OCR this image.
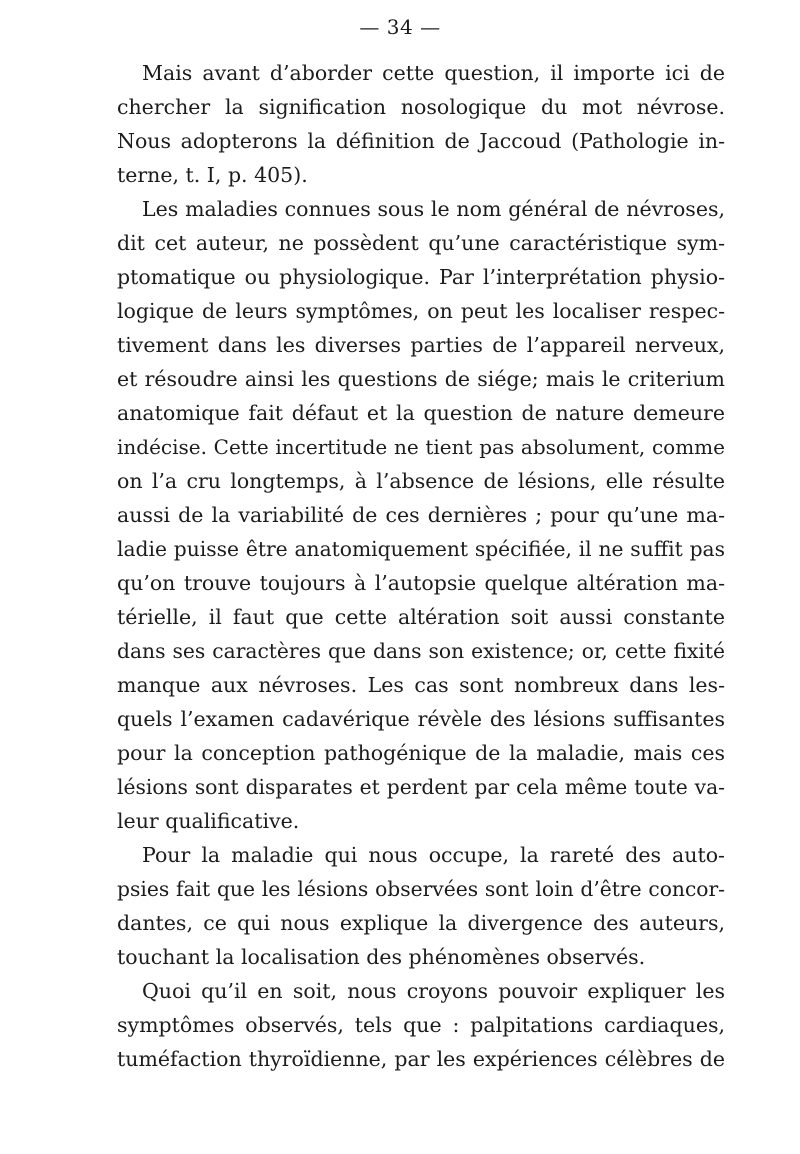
— 34 —
Mais avant d’aborder cette question, il importe ici de
chercher la signification nosologique du mot névrose.
Nous adopterons la définition de Jaccoud (Pathologie in-
terne, t. I, p. 405).
Les maladies connues sous le nom général de névroses,
dit cet auteur, ne possèdent qu’une caractéristique sym-
ptomatique ou physiologique. Par l’interprétation physio-
logique de leurs symptômes, on peut les localiser respec-
tivement dans les diverses parties de l’appareil nerveux,
et résoudre ainsi les questions de siége; mais le criterium
anatomique fait défaut et la question de nature demeure
indécise. Cette incertitude ne tient pas absolument, comme
on l’a cru longtemps, à l’absence de lésions, elle résulte
aussi de la variabilité de ces dernières ; pour qu’une ma-
ladie puisse être anatomiquement spécifiée, il ne suffit pas
qu’on trouve toujours à l’autopsie quelque altération ma-
térielle, il faut que cette altération soit aussi constante
dans ses caractères que dans son existence; or, cette fixité
manque aux névroses. Les cas sont nombreux dans les-
quels l’examen cadavérique révèle des lésions suffisantes
pour la conception pathogénique de la maladie, mais ces
lésions sont disparates et perdent par cela même toute va-
leur qualificative.
Pour la maladie qui nous occupe, la rareté des auto-
psies fait que les lésions observées sont loin d’être concor-
dantes, ce qui nous explique la divergence des auteurs,
touchant la localisation des phénomènes observés.
Quoi qu’il en soit, nous croyons pouvoir expliquer les
symptômes observés, tels que : palpitations cardiaques,
tuméfaction thyroïdienne, par les expériences célèbres de
